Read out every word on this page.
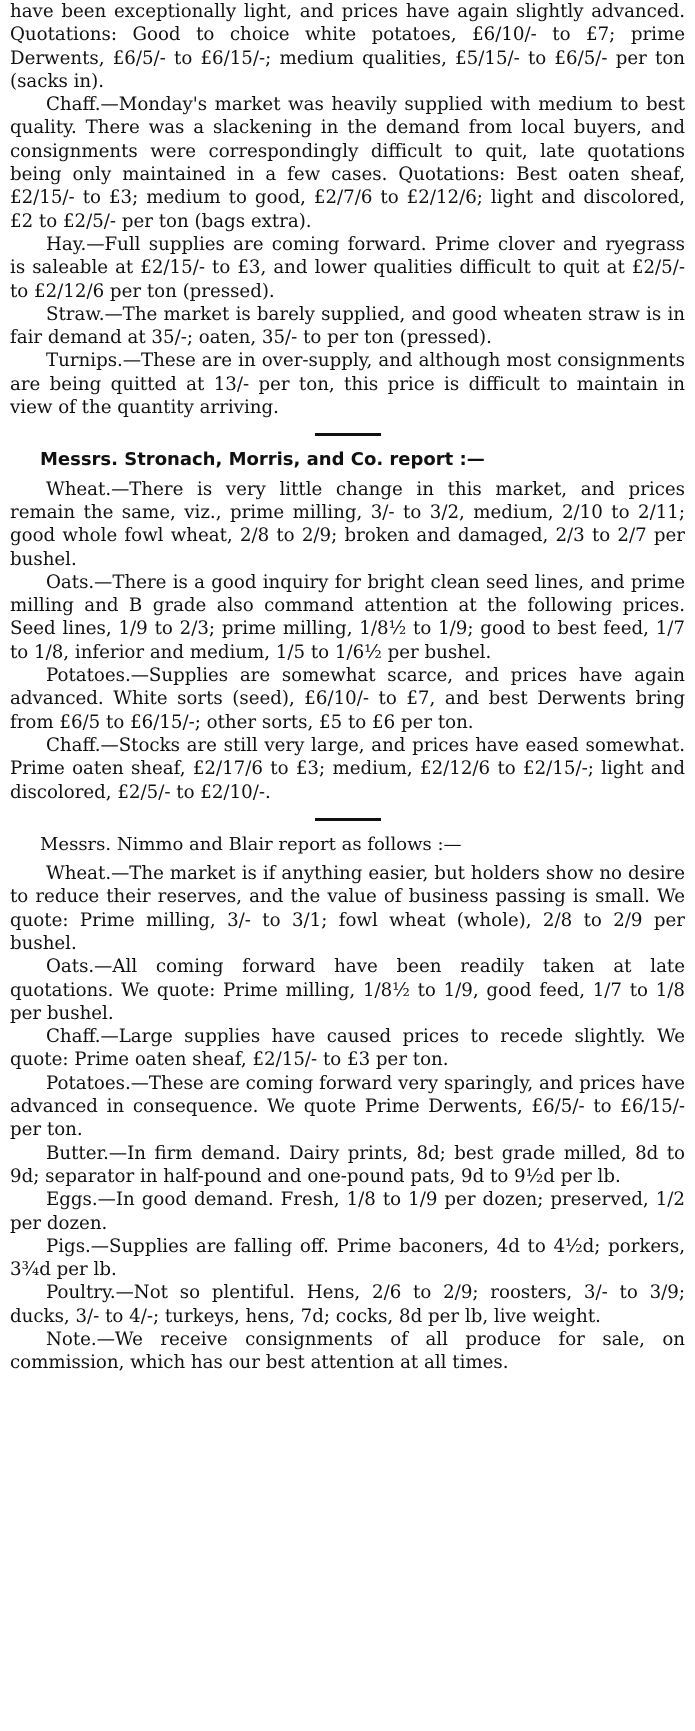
have been exceptionally light, and prices have again slightly advanced. Quotations: Good to choice white potatoes, £6/10/- to £7; prime Derwents, £6/5/- to £6/15/-; medium qualities, £5/15/- to £6/5/- per ton (sacks in).

Chaff.—Monday's market was heavily supplied with medium to best quality. There was a slackening in the demand from local buyers, and consignments were correspondingly difficult to quit, late quotations being only maintained in a few cases. Quotations: Best oaten sheaf, £2/15/- to £3; medium to good, £2/7/6 to £2/12/6; light and discolored, £2 to £2/5/- per ton (bags extra).

Hay.—Full supplies are coming forward. Prime clover and ryegrass is saleable at £2/15/- to £3, and lower qualities difficult to quit at £2/5/- to £2/12/6 per ton (pressed).

Straw.—The market is barely supplied, and good wheaten straw is in fair demand at 35/-; oaten, 35/- to per ton (pressed).

Turnips.—These are in over-supply, and although most consignments are being quitted at 13/- per ton, this price is difficult to maintain in view of the quantity arriving.

Messrs. Stronach, Morris, and Co. report :—

Wheat.—There is very little change in this market, and prices remain the same, viz., prime milling, 3/- to 3/2, medium, 2/10 to 2/11; good whole fowl wheat, 2/8 to 2/9; broken and damaged, 2/3 to 2/7 per bushel.

Oats.—There is a good inquiry for bright clean seed lines, and prime milling and B grade also command attention at the following prices. Seed lines, 1/9 to 2/3; prime milling, 1/8½ to 1/9; good to best feed, 1/7 to 1/8, inferior and medium, 1/5 to 1/6½ per bushel.

Potatoes.—Supplies are somewhat scarce, and prices have again advanced. White sorts (seed), £6/10/- to £7, and best Derwents bring from £6/5 to £6/15/-; other sorts, £5 to £6 per ton.

Chaff.—Stocks are still very large, and prices have eased somewhat. Prime oaten sheaf, £2/17/6 to £3; medium, £2/12/6 to £2/15/-; light and discolored, £2/5/- to £2/10/-.

Messrs. Nimmo and Blair report as follows :—

Wheat.—The market is if anything easier, but holders show no desire to reduce their reserves, and the value of business passing is small. We quote: Prime milling, 3/- to 3/1; fowl wheat (whole), 2/8 to 2/9 per bushel.

Oats.—All coming forward have been readily taken at late quotations. We quote: Prime milling, 1/8½ to 1/9, good feed, 1/7 to 1/8 per bushel.

Chaff.—Large supplies have caused prices to recede slightly. We quote: Prime oaten sheaf, £2/15/- to £3 per ton.

Potatoes.—These are coming forward very sparingly, and prices have advanced in consequence. We quote Prime Derwents, £6/5/- to £6/15/- per ton.

Butter.—In firm demand. Dairy prints, 8d; best grade milled, 8d to 9d; separator in half-pound and one-pound pats, 9d to 9½d per lb.

Eggs.—In good demand. Fresh, 1/8 to 1/9 per dozen; preserved, 1/2 per dozen.

Pigs.—Supplies are falling off. Prime baconers, 4d to 4½d; porkers, 3¾d per lb.

Poultry.—Not so plentiful. Hens, 2/6 to 2/9; roosters, 3/- to 3/9; ducks, 3/- to 4/-; turkeys, hens, 7d; cocks, 8d per lb, live weight.

Note.—We receive consignments of all produce for sale, on commission, which has our best attention at all times.
